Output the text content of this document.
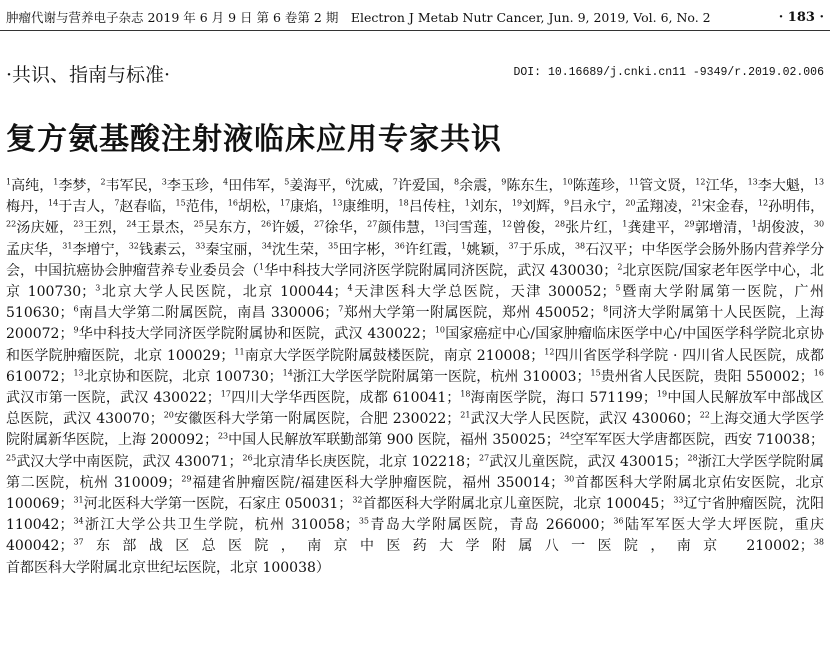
肿瘤代谢与营养电子杂志 2019 年 6 月 9 日 第 6 卷第 2 期　Electron J Metab Nutr Cancer, Jun. 9, 2019, Vol. 6, No. 2	· 183 ·
·共识、指南与标准·	DOI: 10.16689/j.cnki.cn11 -9349/r.2019.02.006
复方氨基酸注射液临床应用专家共识
$^1$高纯，$^1$李梦，$^2$韦军民，$^3$李玉珍，$^4$田伟军，$^5$姜海平，$^6$沈威，$^7$许爱国，$^8$余震，$^9$陈东生，$^{10}$陈莲珍，$^{11}$管文贤，$^{12}$江华，$^{13}$李大魁，$^{13}$梅丹，$^{14}$于吉人，$^7$赵春临，$^{15}$范伟，$^{16}$胡松，$^{17}$康焰，$^{13}$康维明，$^{18}$吕传柱，$^1$刘东，$^{19}$刘辉，$^9$吕永宁，$^{20}$孟翔凌，$^{21}$宋金春，$^{12}$孙明伟，$^{22}$汤庆娅，$^{23}$王烈，$^{24}$王景杰，$^{25}$吴东方，$^{26}$许媛，$^{27}$徐华，$^{27}$颜伟慧，$^{13}$闫雪莲，$^{12}$曾俊，$^{28}$张片红，$^1$龚建平，$^{29}$郭增清，$^1$胡俊波，$^{30}$孟庆华，$^{31}$李增宁，$^{32}$钱素云，$^{33}$秦宝丽，$^{34}$沈生荣，$^{35}$田字彬，$^{36}$许红霞，$^1$姚颖，$^{37}$于乐成，$^{38}$石汉平；中华医学会肠外肠内营养学分会，中国抗癌协会肿瘤营养专业委员会（$^1$华中科技大学同济医学院附属同济医院，武汉 430030；$^2$北京医院/国家老年医学中心，北京 100730；$^3$北京大学人民医院，北京 100044；$^4$天津医科大学总医院，天津 300052；$^5$暨南大学附属第一医院，广州 510630；$^6$南昌大学第二附属医院，南昌 330006；$^7$郑州大学第一附属医院，郑州 450052；$^8$同济大学附属第十人民医院，上海 200072；$^9$华中科技大学同济医学院附属协和医院，武汉 430022；$^{10}$国家癌症中心/国家肿瘤临床医学中心/中国医学科学院北京协和医学院肿瘤医院，北京 100029；$^{11}$南京大学医学院附属鼓楼医院，南京 210008；$^{12}$四川省医学科学院 · 四川省人民医院，成都 610072；$^{13}$北京协和医院，北京 100730；$^{14}$浙江大学医学院附属第一医院，杭州 310003；$^{15}$贵州省人民医院，贵阳 550002；$^{16}$武汉市第一医院，武汉 430022；$^{17}$四川大学华西医院，成都 610041；$^{18}$海南医学院，海口 571199；$^{19}$中国人民解放军中部战区总医院，武汉 430070；$^{20}$安徽医科大学第一附属医院，合肥 230022；$^{21}$武汉大学人民医院，武汉 430060；$^{22}$上海交通大学医学院附属新华医院，上海 200092；$^{23}$中国人民解放军联勤部第 900 医院，福州 350025；$^{24}$空军军医大学唐都医院，西安 710038；$^{25}$武汉大学中南医院，武汉 430071；$^{26}$北京清华长庚医院，北京 102218；$^{27}$武汉儿童医院，武汉 430015；$^{28}$浙江大学医学院附属第二医院，杭州 310009；$^{29}$福建省肿瘤医院/福建医科大学肿瘤医院，福州 350014；$^{30}$首都医科大学附属北京佑安医院，北京 100069；$^{31}$河北医科大学第一医院，石家庄 050031；$^{32}$首都医科大学附属北京儿童医院，北京 100045；$^{33}$辽宁省肿瘤医院，沈阳 110042；$^{34}$浙江大学公共卫生学院，杭州 310058；$^{35}$青岛大学附属医院，青岛 266000；$^{36}$陆军军医大学大坪医院，重庆 400042；$^{37}$东部战区总医院，南京中医药大学附属八一医院，南京 210002；$^{38}$首都医科大学附属北京世纪坛医院，北京 100038）
